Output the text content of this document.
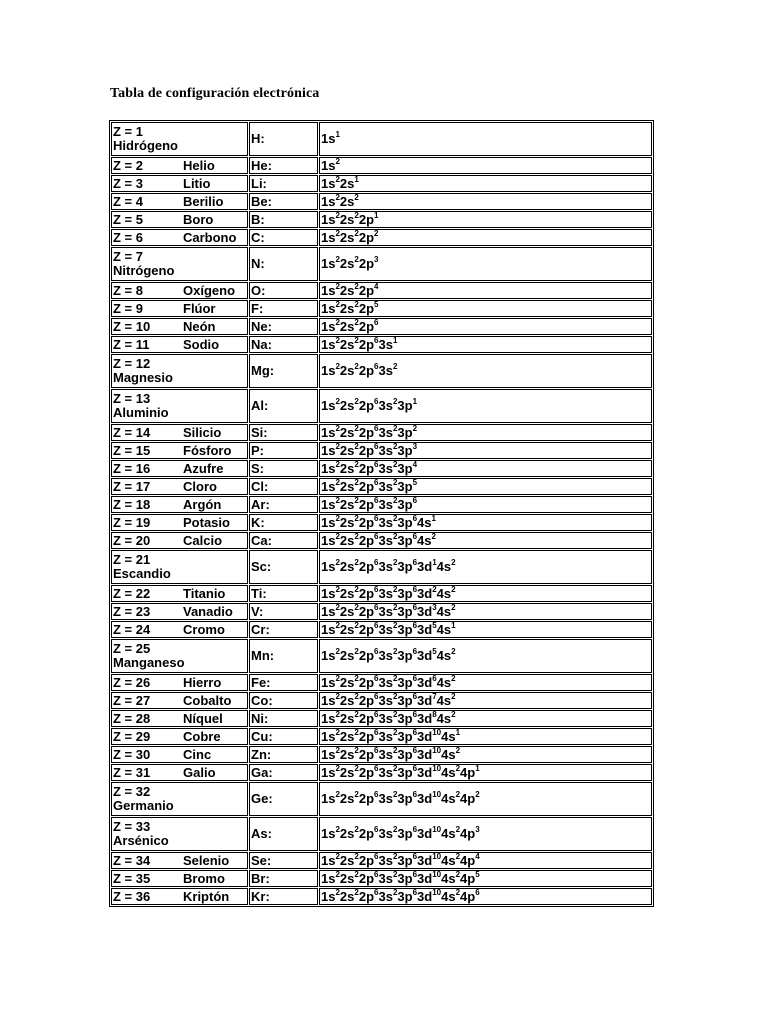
Tabla de configuración electrónica
Z = 1
Hidrógeno	H:	$1s^1$
Z = 2 Helio	He:	$1s^2$
Z = 3 Litio	Li:	$1s^22s^1$
Z = 4 Berilio	Be:	$1s^22s^2$
Z = 5 Boro	B:	$1s^22s^22p^1$
Z = 6 Carbono	C:	$1s^22s^22p^2$

Z = 7
Nitrógeno	N:	$1s^22s^22p^3$
Z = 8 Oxígeno	O:	$1s^22s^22p^4$
Z = 9 Flúor	F:	$1s^22s^22p^5$
Z = 10 Neón	Ne:	$1s^22s^22p^6$
Z = 11 Sodio	Na:	$1s^22s^22p^63s^1$

Z = 12
Magnesio	Mg:	$1s^22s^22p^63s^2$

Z = 13
Aluminio	Al:	$1s^22s^22p^63s^23p^1$
Z = 14 Silicio	Si:	$1s^22s^22p^63s^23p^2$
Z = 15 Fósforo	P:	$1s^22s^22p^63s^23p^3$
Z = 16 Azufre	S:	$1s^22s^22p^63s^23p^4$
Z = 17 Cloro	Cl:	$1s^22s^22p^63s^23p^5$
Z = 18 Argón	Ar:	$1s^22s^22p^63s^23p^6$
Z = 19 Potasio	K:	$1s^22s^22p^63s^23p^64s^1$
Z = 20 Calcio	Ca:	$1s^22s^22p^63s^23p^64s^2$

Z = 21
Escandio	Sc:	$1s^22s^22p^63s^23p^63d^14s^2$
Z = 22 Titanio	Ti:	$1s^22s^22p^63s^23p^63d^24s^2$
Z = 23 Vanadio	V:	$1s^22s^22p^63s^23p^63d^34s^2$
Z = 24 Cromo	Cr:	$1s^22s^22p^63s^23p^63d^54s^1$

Z = 25
Manganeso	Mn:	$1s^22s^22p^63s^23p^63d^54s^2$
Z = 26 Hierro	Fe:	$1s^22s^22p^63s^23p^63d^64s^2$
Z = 27 Cobalto	Co:	$1s^22s^22p^63s^23p^63d^74s^2$
Z = 28 Níquel	Ni:	$1s^22s^22p^63s^23p^63d^84s^2$
Z = 29 Cobre	Cu:	$1s^22s^22p^63s^23p^63d^{10}4s^1$
Z = 30 Cinc	Zn:	$1s^22s^22p^63s^23p^63d^{10}4s^2$
Z = 31 Galio	Ga:	$1s^22s^22p^63s^23p^63d^{10}4s^24p^1$

Z = 32
Germanio	Ge:	$1s^22s^22p^63s^23p^63d^{10}4s^24p^2$

Z = 33
Arsénico	As:	$1s^22s^22p^63s^23p^63d^{10}4s^24p^3$
Z = 34 Selenio	Se:	$1s^22s^22p^63s^23p^63d^{10}4s^24p^4$
Z = 35 Bromo	Br:	$1s^22s^22p^63s^23p^63d^{10}4s^24p^5$
Z = 36 Kriptón	Kr:	$1s^22s^22p^63s^23p^63d^{10}4s^24p^6$
